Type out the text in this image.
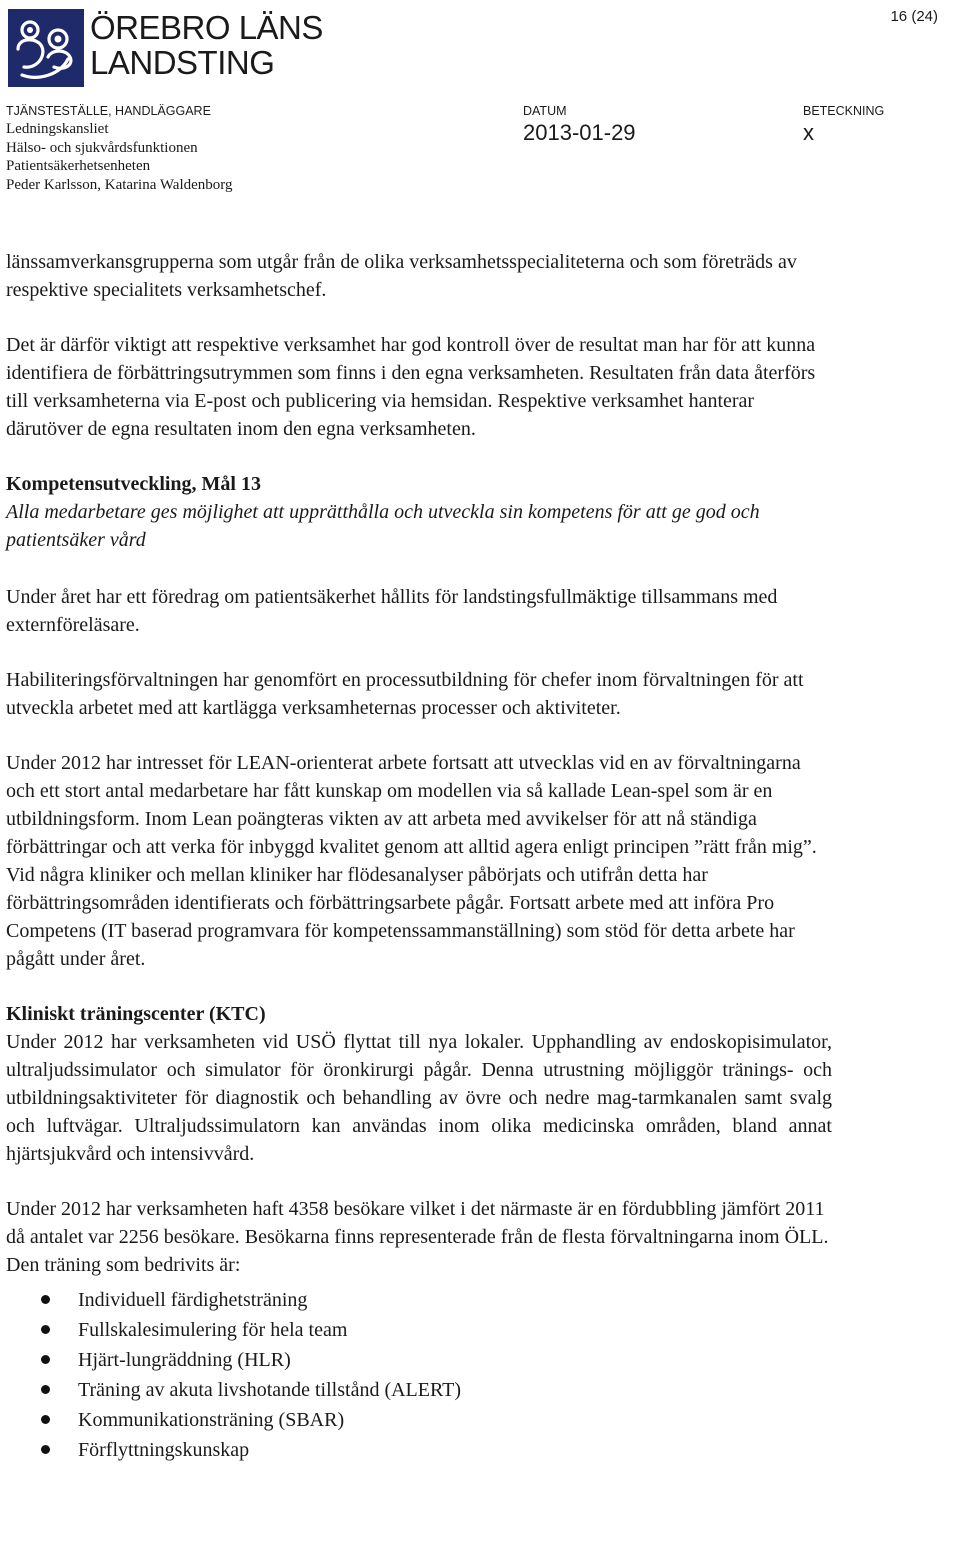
ÖREBRO LÄNS
LANDSTING
16 (24)
TJÄNSTESTÄLLE, HANDLÄGGARE	DATUM	BETECKNING
Ledningskansliet
Hälso- och sjukvårdsfunktionen
Patientsäkerhetsenheten
Peder Karlsson, Katarina Waldenborg
2013-01-29	x

länssamverkansgrupperna som utgår från de olika verksamhetsspecialiteterna och som företräds av respektive specialitets verksamhetschef.

Det är därför viktigt att respektive verksamhet har god kontroll över de resultat man har för att kunna identifiera de förbättringsutrymmen som finns i den egna verksamheten. Resultaten från data återförs till verksamheterna via E-post och publicering via hemsidan. Respektive verksamhet hanterar därutöver de egna resultaten inom den egna verksamheten.

Kompetensutveckling, Mål 13

Alla medarbetare ges möjlighet att upprätthålla och utveckla sin kompetens för att ge god och patientsäker vård

Under året har ett föredrag om patientsäkerhet hållits för landstingsfullmäktige tillsammans med externföreläsare.

Habiliteringsförvaltningen har genomfört en processutbildning för chefer inom förvaltningen för att utveckla arbetet med att kartlägga verksamheternas processer och aktiviteter.

Under 2012 har intresset för LEAN-orienterat arbete fortsatt att utvecklas vid en av förvaltningarna och ett stort antal medarbetare har fått kunskap om modellen via så kallade Lean-spel som är en utbildningsform. Inom Lean poängteras vikten av att arbeta med avvikelser för att nå ständiga förbättringar och att verka för inbyggd kvalitet genom att alltid agera enligt principen ”rätt från mig”. Vid några kliniker och mellan kliniker har flödesanalyser påbörjats och utifrån detta har förbättringsområden identifierats och förbättringsarbete pågår. Fortsatt arbete med att införa Pro Competens (IT baserad programvara för kompetenssammanställning) som stöd för detta arbete har pågått under året.

Kliniskt träningscenter (KTC)

Under 2012 har verksamheten vid USÖ flyttat till nya lokaler. Upphandling av endoskopisimulator, ultraljudssimulator och simulator för öronkirurgi pågår. Denna utrustning möjliggör tränings- och utbildningsaktiviteter för diagnostik och behandling av övre och nedre mag-tarmkanalen samt svalg och luftvägar. Ultraljudssimulatorn kan användas inom olika medicinska områden, bland annat hjärtsjukvård och intensivvård.

Under 2012 har verksamheten haft 4358 besökare vilket i det närmaste är en fördubbling jämfört 2011 då antalet var 2256 besökare. Besökarna finns representerade från de flesta förvaltningarna inom ÖLL. Den träning som bedrivits är:

Individuell färdighetsträning
Fullskalesimulering för hela team
Hjärt-lungräddning (HLR)
Träning av akuta livshotande tillstånd (ALERT)
Kommunikationsträning (SBAR)
Förflyttningskunskap
